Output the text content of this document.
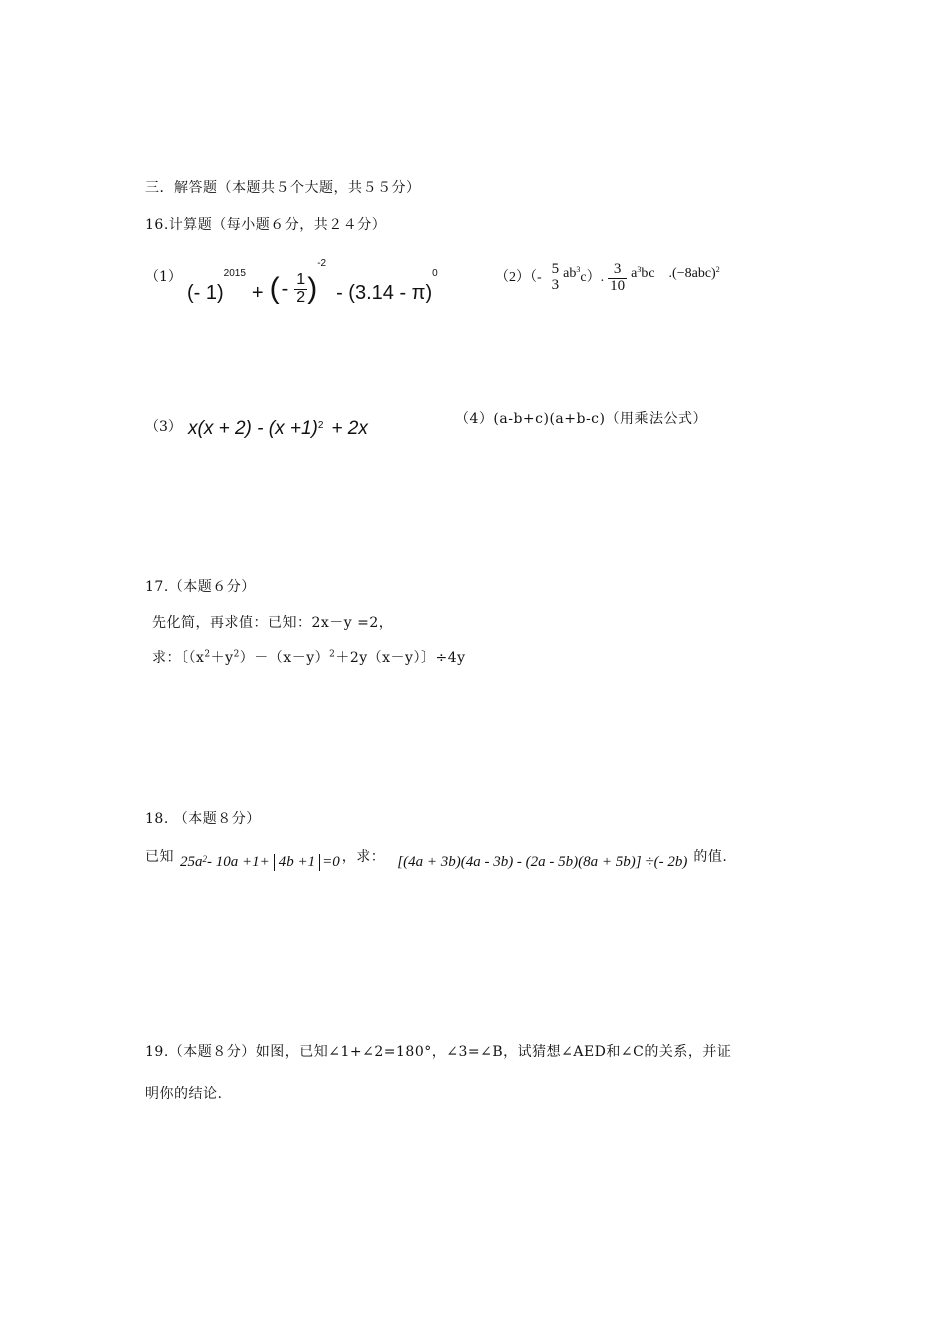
三．解答题（本题共５个大题，共５５分）
16.计算题（每小题６分，共２４分）
（1）
(- 1)
2015
+ ( - $\frac{1}{2}$ )
-2
- (3.14 - π)
0	（2）（-
5
3
ab 3
c）. $\frac{3}{10}$ a 3 bc .(−8abc) 2
（3） x(x + 2) - (x +1) 2 + 2x	（4）(a-b+c)(a+b-c)（用乘法公式）
17.（本题６分）
先化简，再求值：已知：2x－y =2，
求：〔$(x^2+y^2)-(x-y)^2+2y(x-y)$〕÷4y
18. （本题８分）
已知 25a 2 - 10a +1+ 4b +1 =0 ，求： [(4a + 3b)(4a - 3b) - (2a - 5b)(8a + 5b)] ÷(- 2b) 的值.
19.（本题８分）如图，已知∠1+∠2=180°，∠3=∠B，试猜想∠AED和∠C的关系，并证
明你的结论.
